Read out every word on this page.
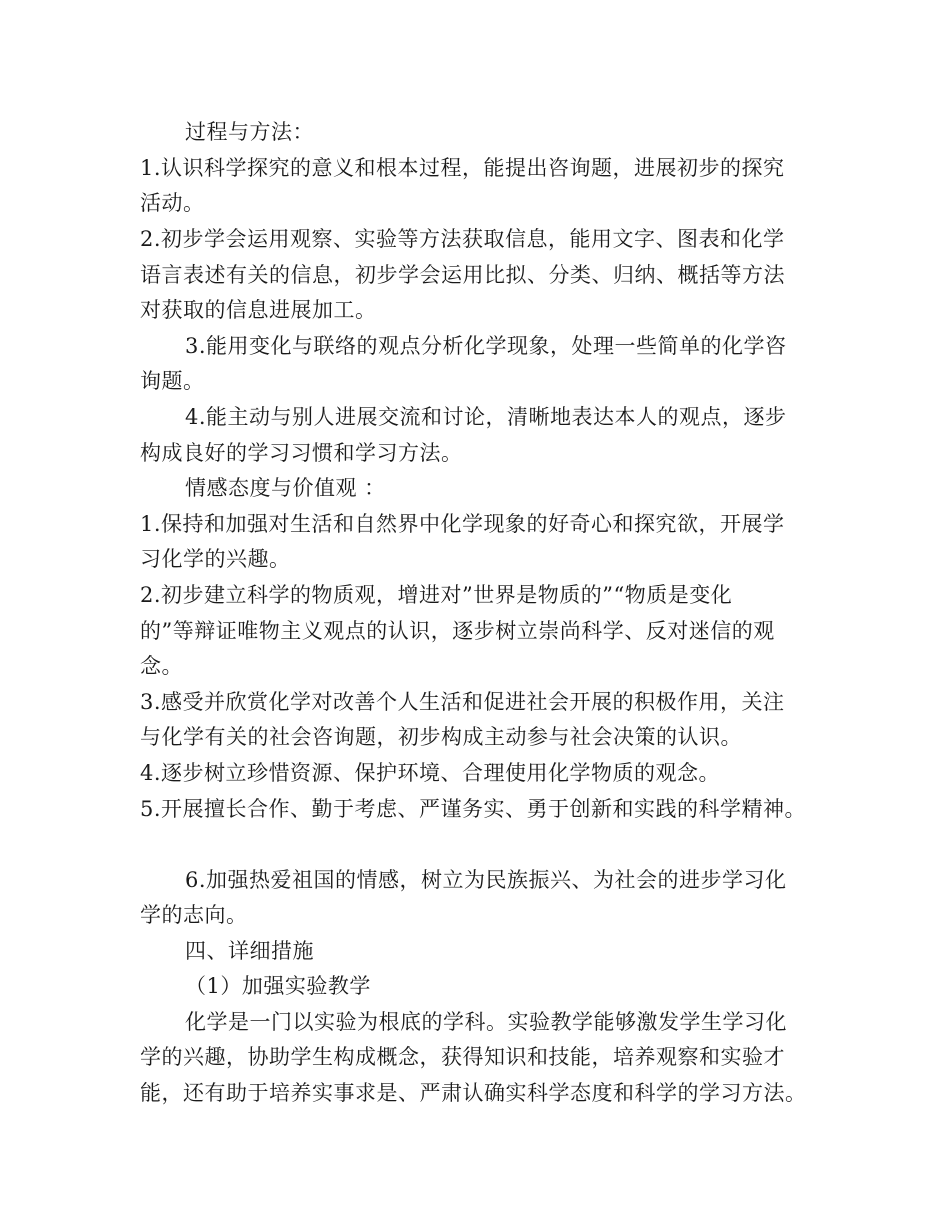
过程与方法：
1.认识科学探究的意义和根本过程，能提出咨询题，进展初步的探究
活动。
2.初步学会运用观察、实验等方法获取信息，能用文字、图表和化学
语言表述有关的信息，初步学会运用比拟、分类、归纳、概括等方法
对获取的信息进展加工。
3.能用变化与联络的观点分析化学现象，处理一些简单的化学咨
询题。
4.能主动与别人进展交流和讨论，清晰地表达本人的观点，逐步
构成良好的学习习惯和学习方法。
情感态度与价值观 ：
1.保持和加强对生活和自然界中化学现象的好奇心和探究欲，开展学
习化学的兴趣。
2.初步建立科学的物质观，增进对”世界是物质的”“物质是变化
的”等辩证唯物主义观点的认识，逐步树立崇尚科学、反对迷信的观
念。
3.感受并欣赏化学对改善个人生活和促进社会开展的积极作用，关注
与化学有关的社会咨询题，初步构成主动参与社会决策的认识。
4.逐步树立珍惜资源、保护环境、合理使用化学物质的观念。
5.开展擅长合作、勤于考虑、严谨务实、勇于创新和实践的科学精神。
6.加强热爱祖国的情感，树立为民族振兴、为社会的进步学习化
学的志向。
四、详细措施
（1）加强实验教学
化学是一门以实验为根底的学科。实验教学能够激发学生学习化
学的兴趣，协助学生构成概念，获得知识和技能，培养观察和实验才
能，还有助于培养实事求是、严肃认确实科学态度和科学的学习方法。
